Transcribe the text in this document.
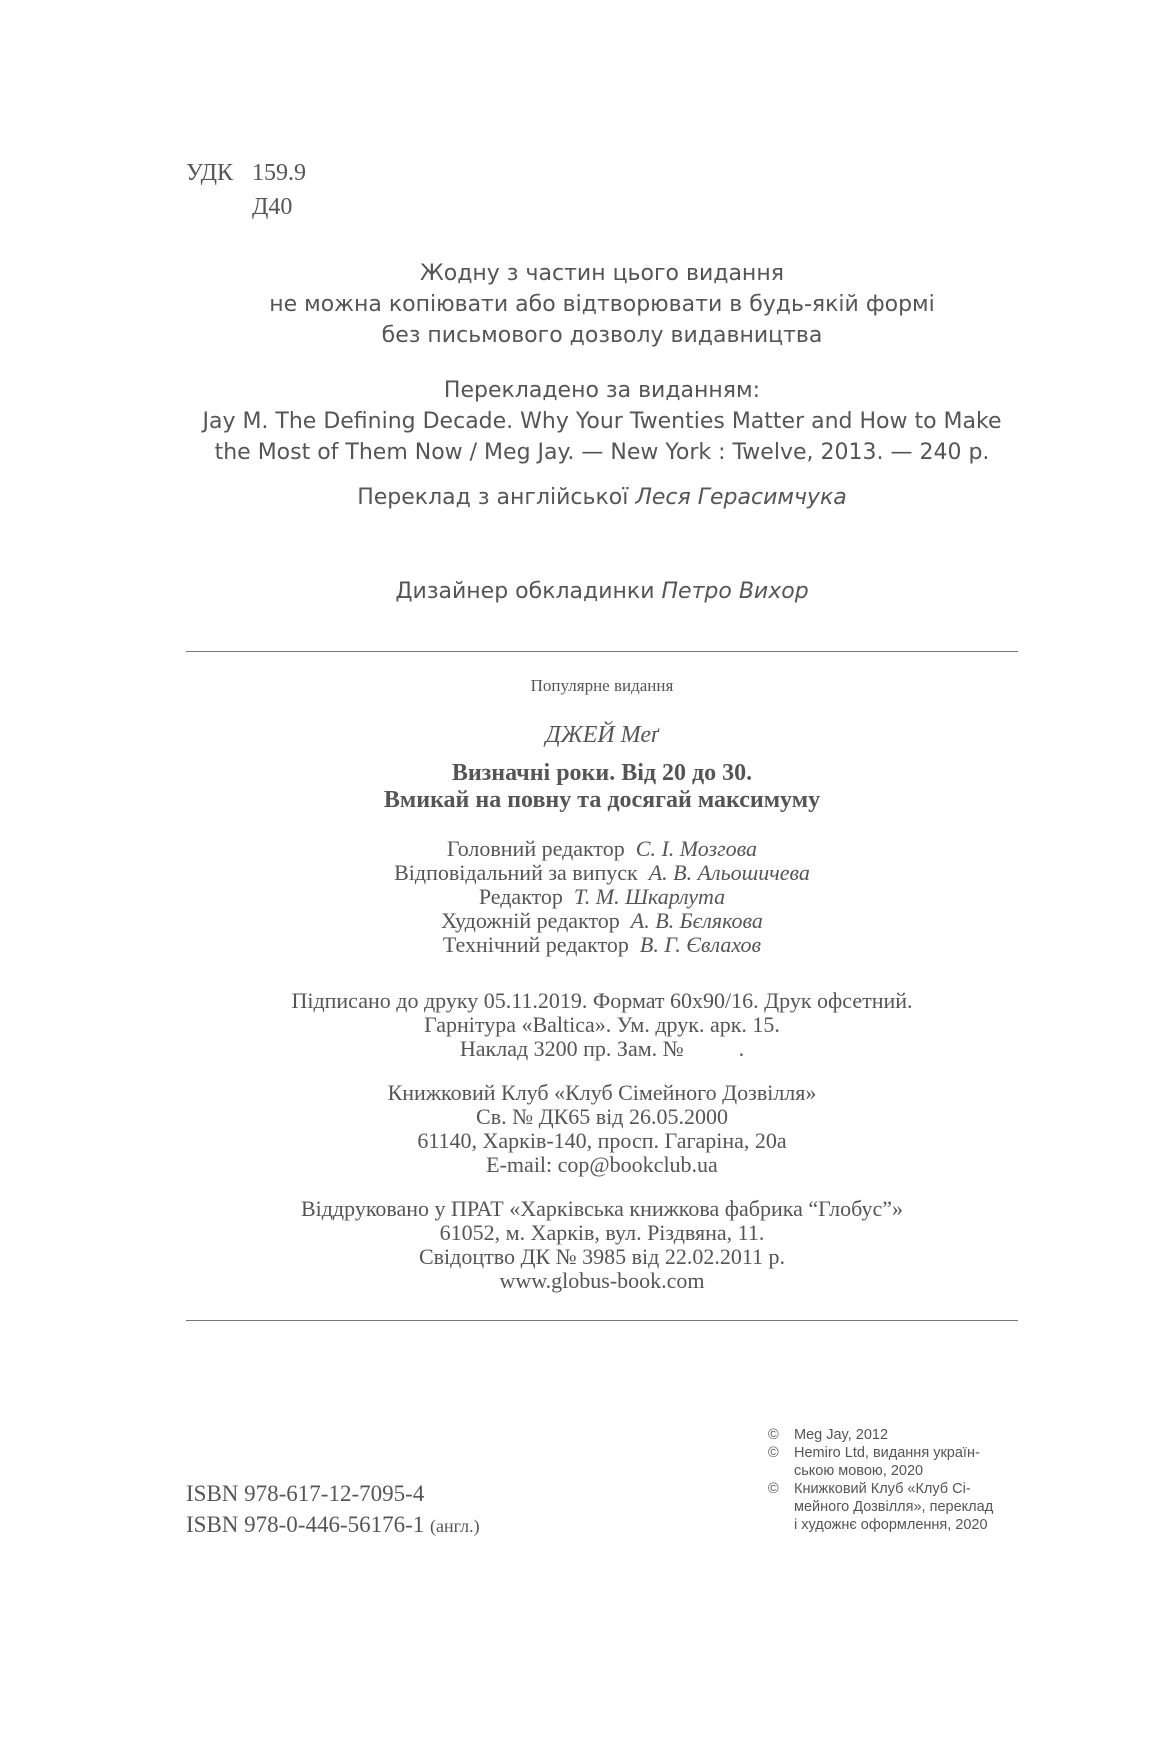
УДК 159.9
Д40
Жодну з частин цього видання
не можна копіювати або відтворювати в будь-якій формі
без письмового дозволу видавництва
Перекладено за виданням:
Jay M. The Defining Decade. Why Your Twenties Matter and How to Make
the Most of Them Now / Meg Jay. — New York : Twelve, 2013. — 240 p.
Переклад з англійської Леся Герасимчука
Дизайнер обкладинки Петро Вихор
Популярне видання
ДЖЕЙ Меґ
Визначні роки. Від 20 до 30.
Вмикай на повну та досягай максимуму
Головний редактор С. І. Мозгова
Відповідальний за випуск А. В. Альошичева
Редактор Т. М. Шкарлута
Художній редактор А. В. Бєлякова
Технічний редактор В. Г. Євлахов
Підписано до друку 05.11.2019. Формат 60х90/16. Друк офсетний.
Гарнітура «Baltica». Ум. друк. арк. 15.
Наклад 3200 пр. Зам. №          .
Книжковий Клуб «Клуб Сімейного Дозвілля»
Св. № ДК65 від 26.05.2000
61140, Харків-140, просп. Гагаріна, 20а
E-mail: cop@bookclub.ua
Віддруковано у ПРАТ «Харківська книжкова фабрика “Глобус”»
61052, м. Харків, вул. Різдвяна, 11.
Свідоцтво ДК № 3985 від 22.02.2011 р.
www.globus-book.com
ISBN 978-617-12-7095-4
ISBN 978-0-446-56176-1 (англ.)
©	Meg Jay, 2012
©	Hemiro Ltd, видання україн-
ською мовою, 2020
©	Книжковий Клуб «Клуб Сі-
мейного Дозвілля», переклад
і художнє оформлення, 2020
